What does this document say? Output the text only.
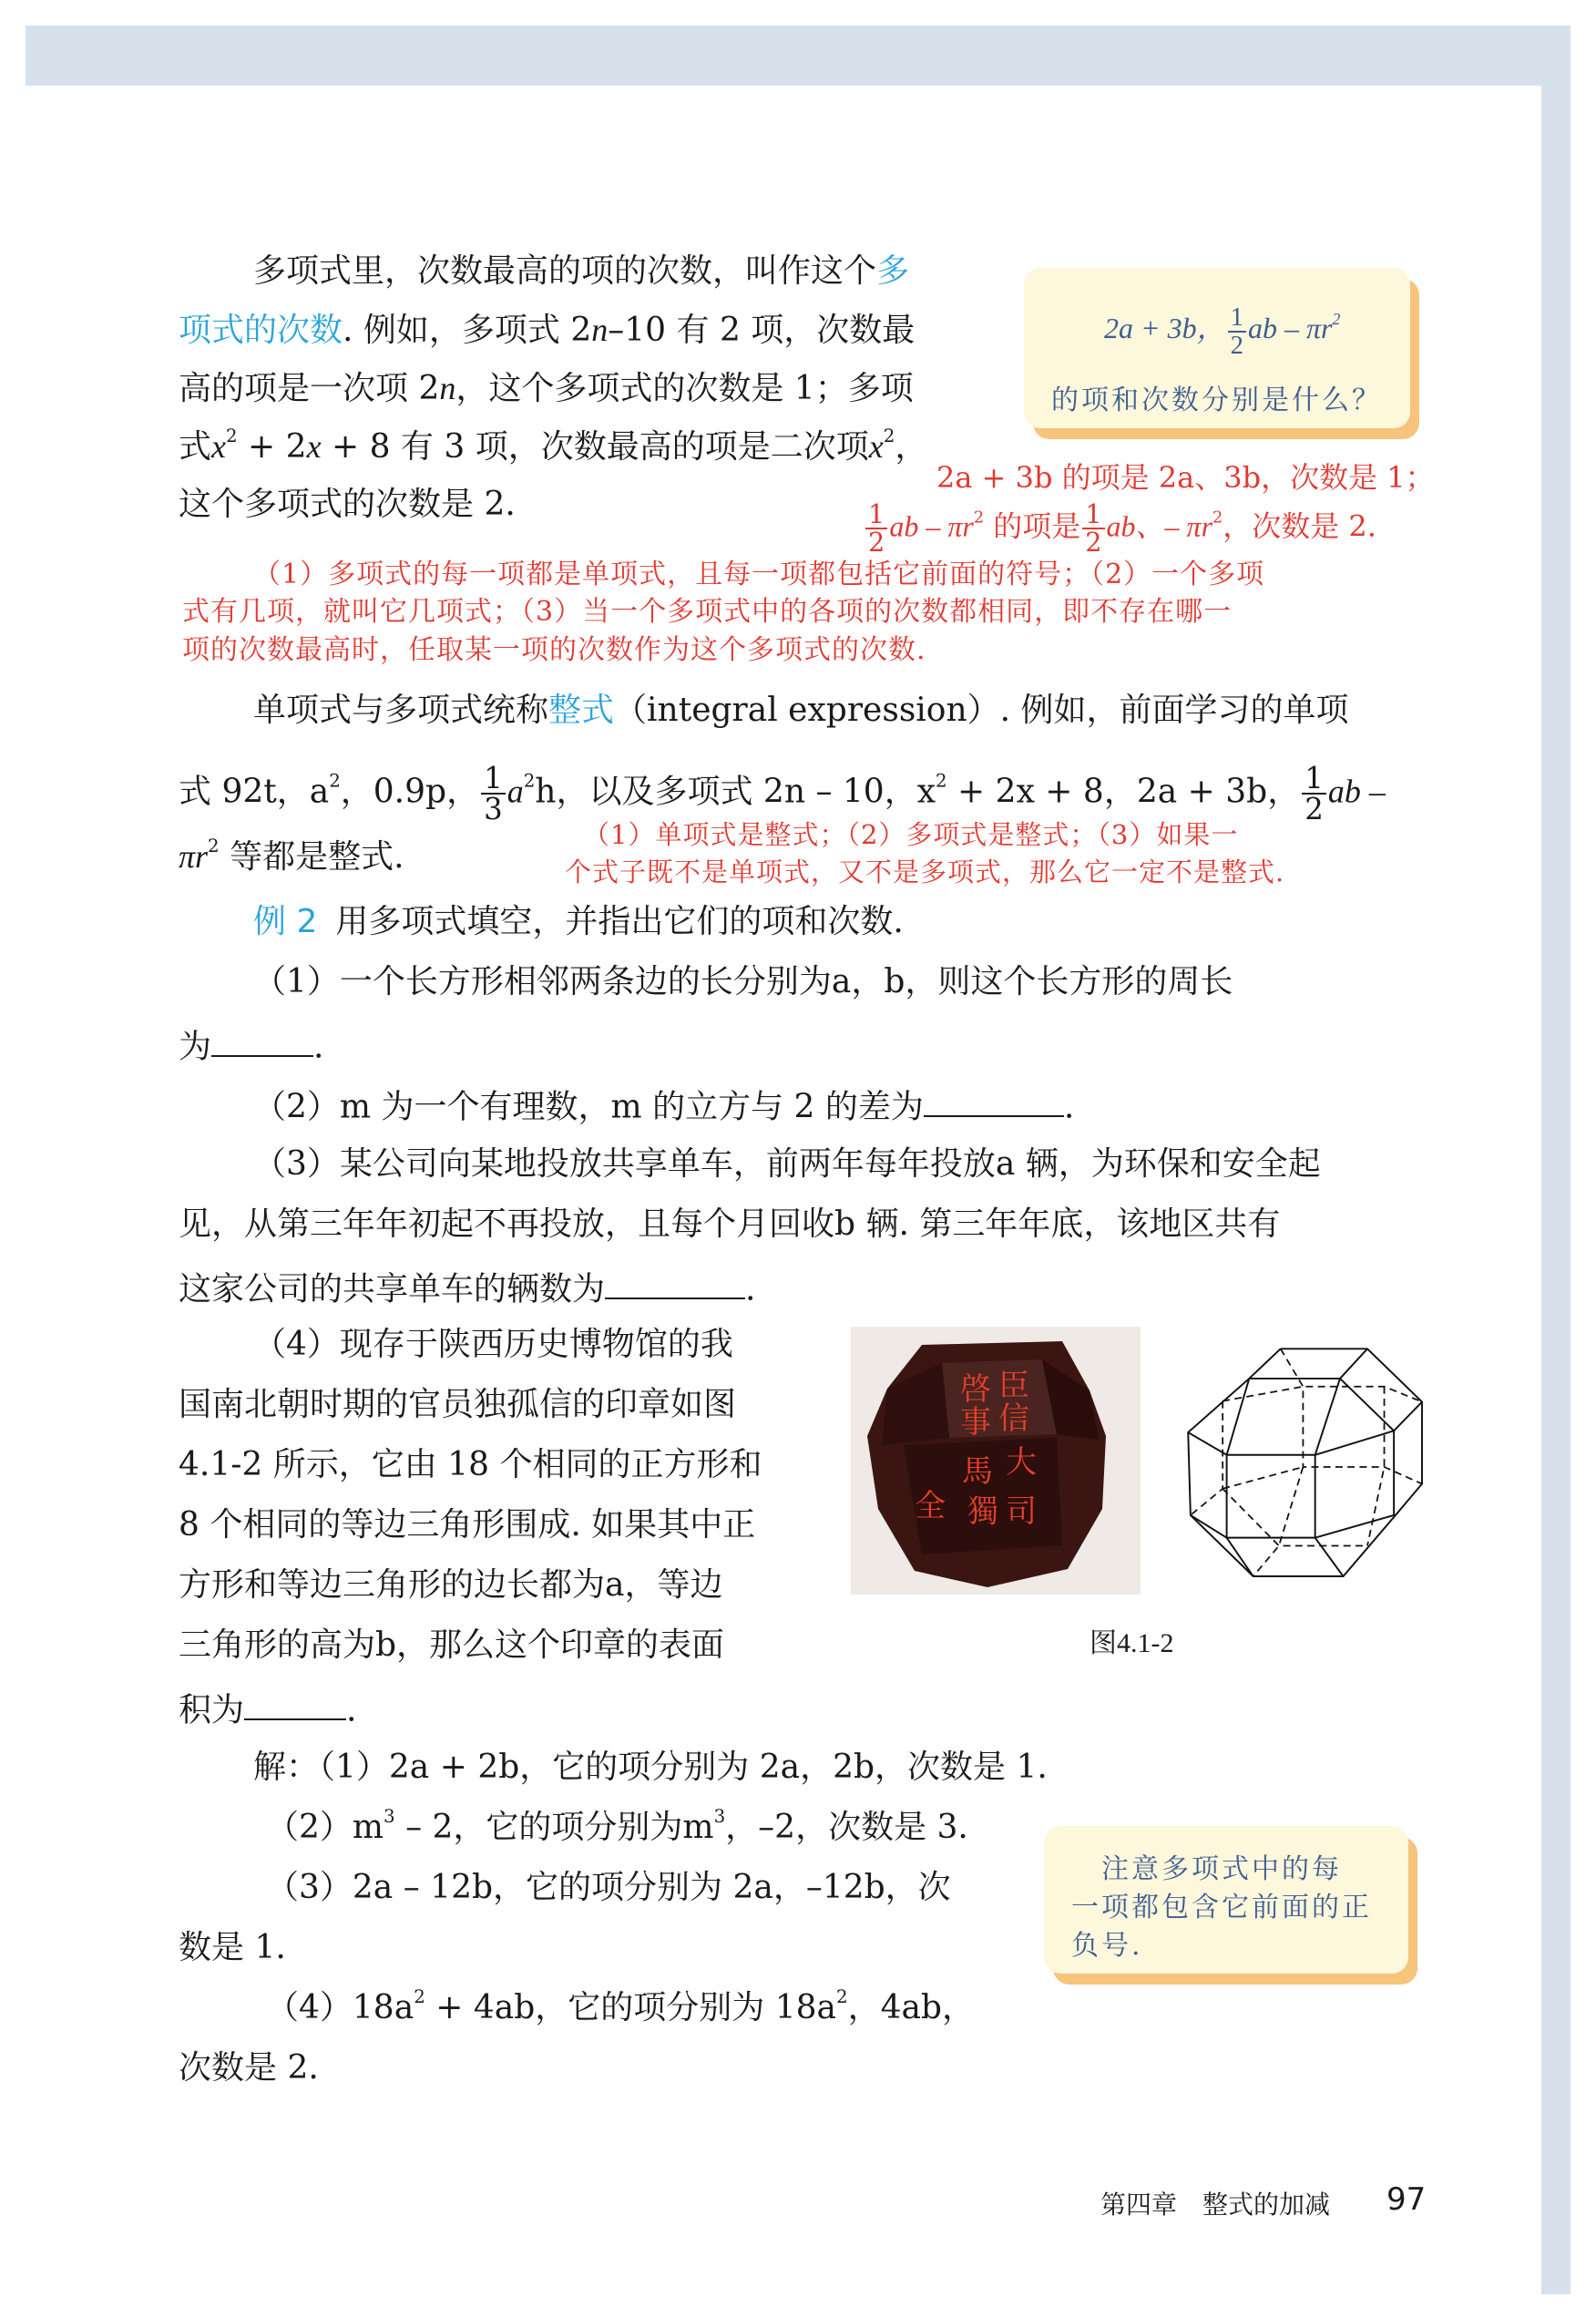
多项式里，次数最高的项的次数，叫作这个多
项式的次数. 例如，多项式 2n–10 有 2 项，次数最
高的项是一次项 2n，这个多项式的次数是 1；多项
式$x^2 + 2x + 8$ 有 3 项，次数最高的项是二次项$x^2$，
这个多项式的次数是 2.
2a + 3b， $\frac{1}{2}$ ab – $\pi r^2$
的项和次数分别是什么？
2a + 3b 的项是 2a、3b，次数是 1；
$\frac{1}{2}$ ab – $\pi r^2$ 的项是 $\frac{1}{2}$ ab、– $\pi r^2$，次数是 2.
（1）多项式的每一项都是单项式，且每一项都包括它前面的符号；（2）一个多项
式有几项，就叫它几项式；（3）当一个多项式中的各项的次数都相同，即不存在哪一
项的次数最高时，任取某一项的次数作为这个多项式的次数.
单项式与多项式统称整式（integral expression）. 例如，前面学习的单项
式 92t，$a^2$，0.9p， $\frac{1}{3} a^2h$，以及多项式 2n – 10，$x^2 + 2x + 8$，2a + 3b， $\frac{1}{2}$ ab –
$\pi r^2$ 等都是整式.
（1）单项式是整式；（2）多项式是整式；（3）如果一
个式子既不是单项式，又不是多项式，那么它一定不是整式.
例 2 用多项式填空，并指出它们的项和次数.
（1）一个长方形相邻两条边的长分别为a，b，则这个长方形的周长
为	.
（2）m 为一个有理数，m 的立方与 2 的差为	.
（3）某公司向某地投放共享单车，前两年每年投放a 辆，为环保和安全起
见，从第三年年初起不再投放，且每个月回收b 辆. 第三年年底，该地区共有
这家公司的共享单车的辆数为	.
（4）现存于陕西历史博物馆的我
国南北朝时期的官员独孤信的印章如图
4.1-2 所示，它由 18 个相同的正方形和
8 个相同的等边三角形围成. 如果其中正
方形和等边三角形的边长都为a，等边
三角形的高为b，那么这个印章的表面
积为	.
啓 臣
事 信
大
馬
全 獨 司
图4.1-2
解：（1）2a + 2b，它的项分别为 2a，2b，次数是 1.
$(2)m^3 - 2$，它的项分别为$m^3$，–2，次数是 3.
（3）2a – 12b，它的项分别为 2a，–12b，次
数是 1.
$(4)18a^2 + 4ab$，它的项分别为 $18a^2$，4ab，
次数是 2.
　注意多项式中的每
一项都包含它前面的正
负号.
第四章 整式的加减 97
